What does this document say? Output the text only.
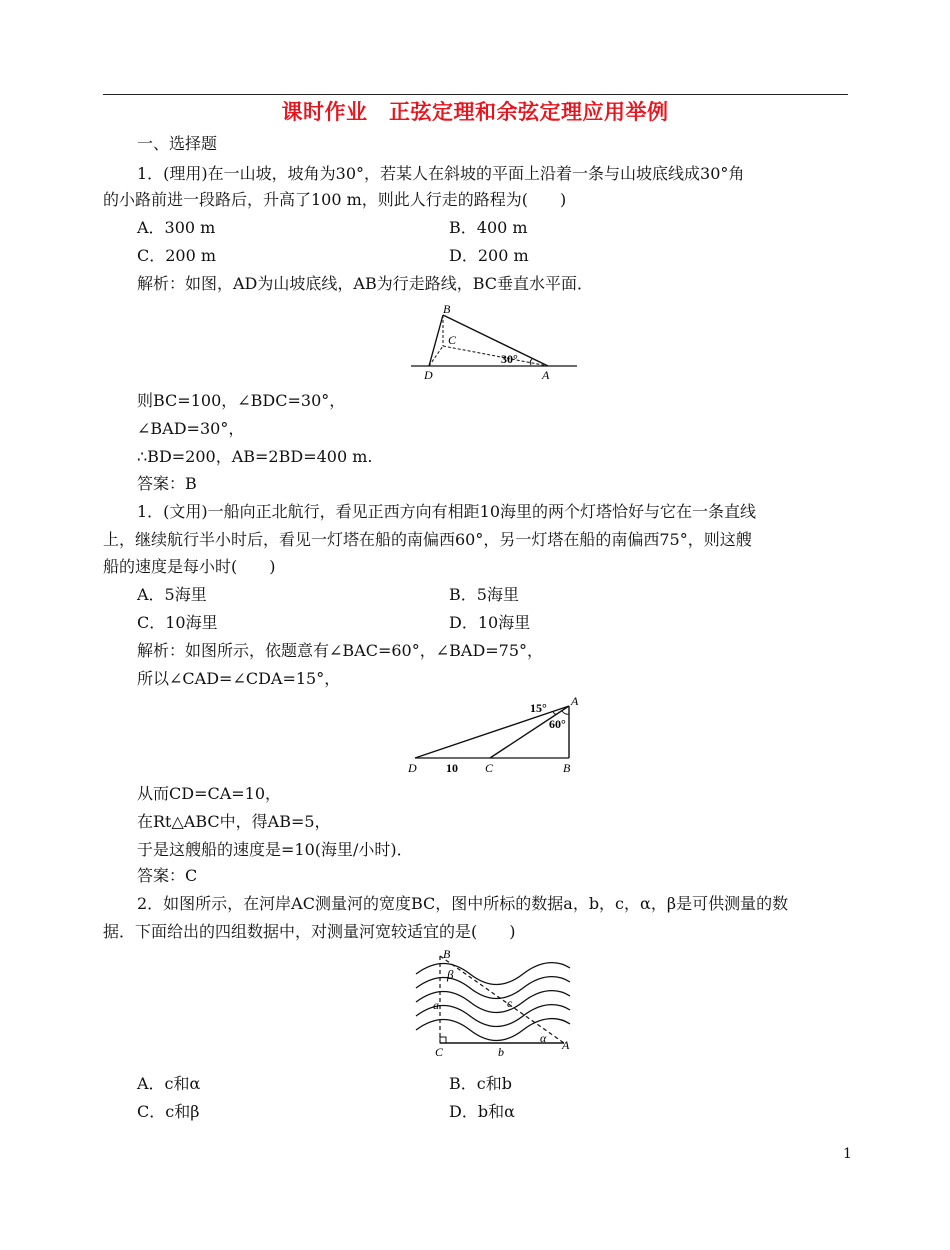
课时作业　正弦定理和余弦定理应用举例
一、选择题
1．(理用)在一山坡，坡角为30°，若某人在斜坡的平面上沿着一条与山坡底线成30°角
的小路前进一段路后，升高了100 m，则此人行走的路程为(　　)
A．300 m	B．400 m
C．200 m	D．200 m
解析：如图，AD为山坡底线，AB为行走路线，BC垂直水平面．
B
C
D	A
30°
则BC=100，∠BDC=30°，
∠BAD=30°，
∴BD=200，AB=2BD=400 m.
答案：B
1．(文用)一船向正北航行，看见正西方向有相距10海里的两个灯塔恰好与它在一条直线
上，继续航行半小时后，看见一灯塔在船的南偏西60°，另一灯塔在船的南偏西75°，则这艘
船的速度是每小时(　　)
A．5海里	B．5海里
C．10海里	D．10海里
解析：如图所示，依题意有∠BAC=60°，∠BAD=75°，
所以∠CAD=∠CDA=15°，
15°
60°
A
B
C
D 10
从而CD=CA=10，
在Rt△ABC中，得AB=5，
于是这艘船的速度是=10(海里/小时)．
答案：C
2．如图所示，在河岸AC测量河的宽度BC，图中所标的数据a，b，c，α，β是可供测量的数
据．下面给出的四组数据中，对测量河宽较适宜的是(　　)
B
β
a	c
α
C	b	A
A．c和α	B．c和b
C．c和β	D．b和α
1
